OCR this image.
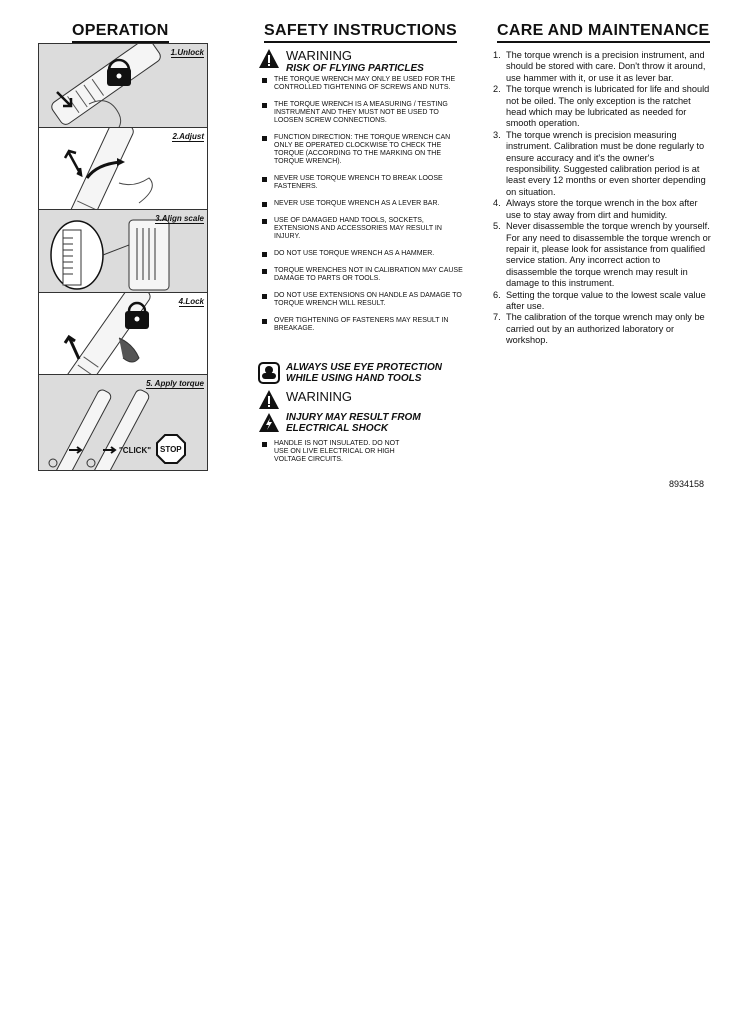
OPERATION
1.Unlock
2.Adjust
3.Align scale
4.Lock
5. Apply torque
"CLICK" STOP
SAFETY INSTRUCTIONS
WARINING
RISK OF FLYING PARTICLES
THE TORQUE WRENCH MAY ONLY BE USED FOR THE CONTROLLED TIGHTENING OF SCREWS AND NUTS.
THE TORQUE WRENCH IS A MEASURING / TESTING INSTRUMENT AND THEY MUST NOT BE USED TO LOOSEN SCREW CONNECTIONS.
FUNCTION DIRECTION: THE TORQUE WRENCH CAN ONLY BE OPERATED CLOCKWISE TO CHECK THE TORQUE (ACCORDING TO THE MARKING ON THE TORQUE WRENCH).
NEVER USE TORQUE WRENCH TO BREAK LOOSE FASTENERS.
NEVER USE TORQUE WRENCH AS A LEVER BAR.
USE OF DAMAGED HAND TOOLS, SOCKETS, EXTENSIONS AND ACCESSORIES MAY RESULT IN INJURY.
DO NOT USE TORQUE WRENCH AS A HAMMER.
TORQUE WRENCHES NOT IN CALIBRATION MAY CAUSE DAMAGE TO PARTS OR TOOLS.
DO NOT USE EXTENSIONS ON HANDLE AS DAMAGE TO TORQUE WRENCH WILL RESULT.
OVER TIGHTENING OF FASTENERS MAY RESULT IN BREAKAGE.
ALWAYS USE EYE PROTECTION
WHILE USING HAND TOOLS
WARINING
INJURY MAY RESULT FROM
ELECTRICAL SHOCK
HANDLE IS NOT INSULATED. DO NOT USE ON LIVE ELECTRICAL OR HIGH VOLTAGE CIRCUITS.
CARE AND MAINTENANCE
1. The torque wrench is a precision instrument, and should be stored with care. Don't throw it around, use hammer with it, or use it as lever bar.
2. The torque wrench is lubricated for life and should not be oiled. The only exception is the ratchet head which may be lubricated as needed for smooth operation.
3. The torque wrench is precision measuring instrument. Calibration must be done regularly to ensure accuracy and it's the owner's responsibility. Suggested calibration period is at least every 12 months or even shorter depending on situation.
4. Always store the torque wrench in the box after use to stay away from dirt and humidity.
5. Never disassemble the torque wrench by yourself. For any need to disassemble the torque wrench or repair it, please look for assistance from qualified service station. Any incorrect action to disassemble the torque wrench may result in damage to this instrument.
6. Setting the torque value to the lowest scale value after use.
7. The calibration of the torque wrench may only be carried out by an authorized laboratory or workshop.
8934158
